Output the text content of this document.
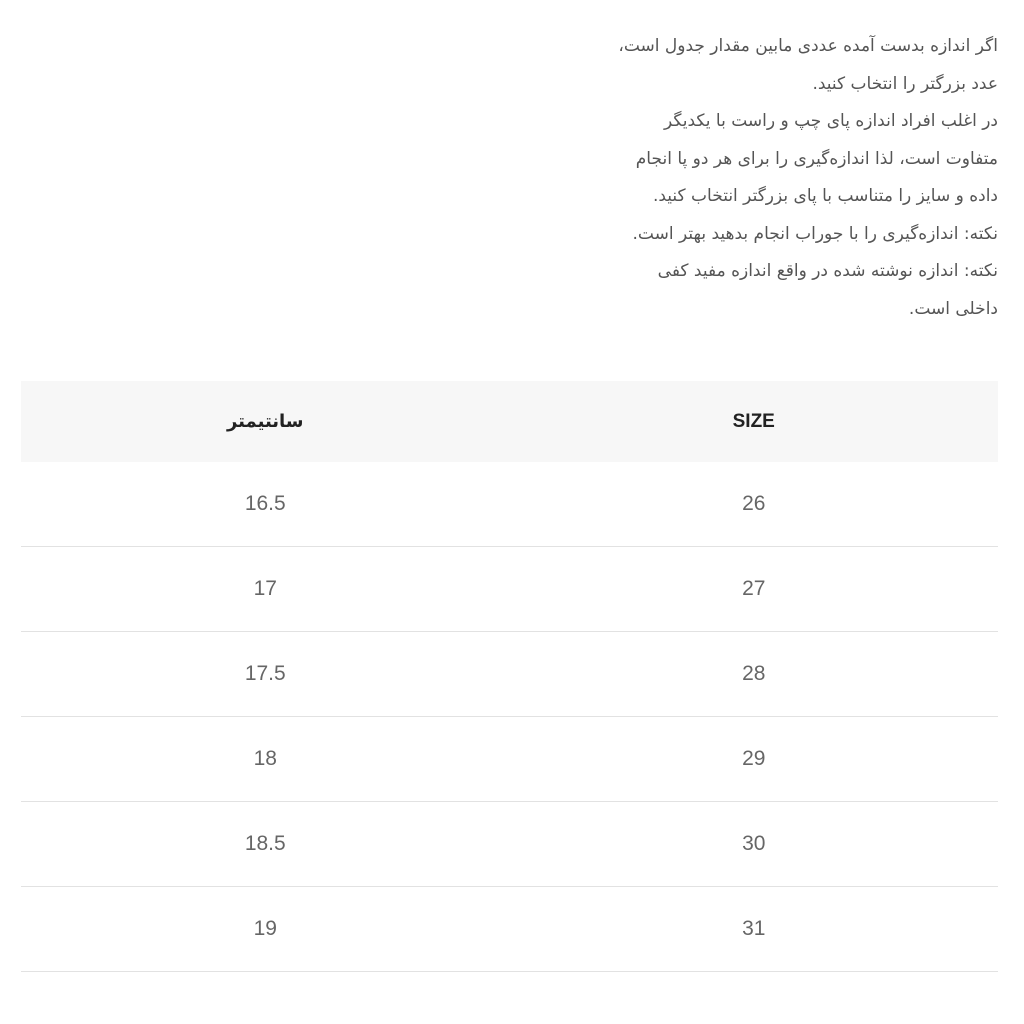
اگر اندازه بدست آمده عددی مابین مقدار جدول است،
عدد بزرگتر را انتخاب کنید.
در اغلب افراد اندازه پای چپ و راست با یکدیگر
متفاوت است، لذا اندازه‌گیری را برای هر دو پا انجام
داده و سایز را متناسب با پای بزرگتر انتخاب کنید.
نکته: اندازه‌گیری را با جوراب انجام بدهید بهتر است.
نکته: اندازه نوشته شده در واقع اندازه مفید کفی
داخلی است.
سانتیمتر	SIZE
16.5	26
17	27
17.5	28
18	29
18.5	30
19	31
